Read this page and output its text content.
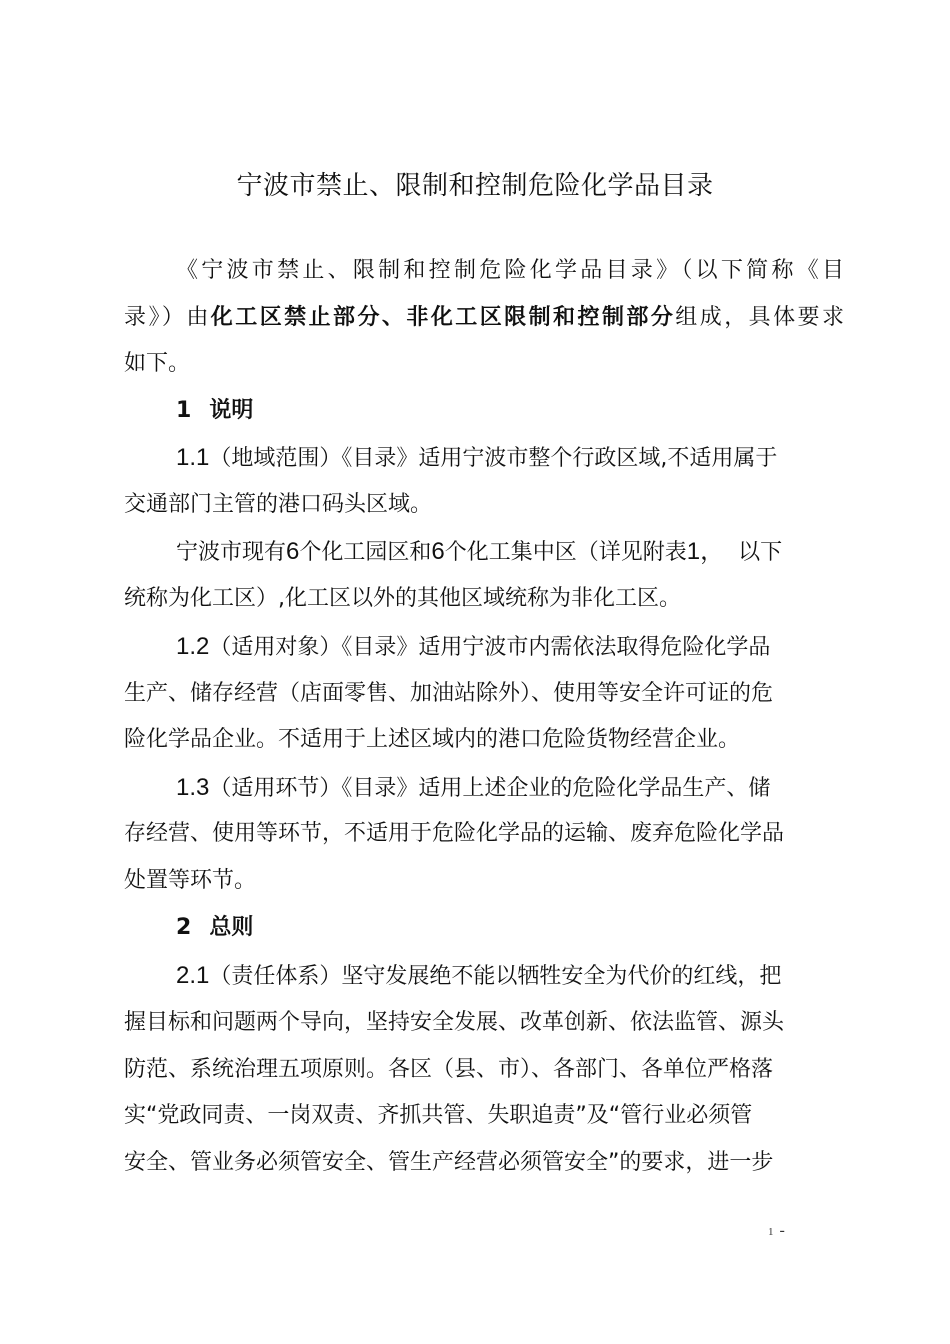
宁波市禁止、限制和控制危险化学品目录
《宁波市禁止、限制和控制危险化学品目录》（以下简称《目
录》）由化工区禁止部分、非化工区限制和控制部分组成，具体要求
如下。
1 说明
1.1（地域范围）《目录》适用宁波市整个行政区域,不适用属于
交通部门主管的港口码头区域。
宁波市现有6个化工园区和6个化工集中区（详见附表1， 以下
统称为化工区）,化工区以外的其他区域统称为非化工区。
1.2（适用对象）《目录》适用宁波市内需依法取得危险化学品
生产、储存经营（店面零售、加油站除外）、使用等安全许可证的危
险化学品企业。不适用于上述区域内的港口危险货物经营企业。
1.3（适用环节）《目录》适用上述企业的危险化学品生产、储
存经营、使用等环节，不适用于危险化学品的运输、废弃危险化学品
处置等环节。
2 总则
2.1（责任体系）坚守发展绝不能以牺牲安全为代价的红线，把
握目标和问题两个导向，坚持安全发展、改革创新、依法监管、源头
防范、系统治理五项原则。各区（县、市）、各部门、各单位严格落
实“党政同责、一岗双责、齐抓共管、失职追责”及“管行业必须管
安全、管业务必须管安全、管生产经营必须管安全”的要求，进一步
1 -
